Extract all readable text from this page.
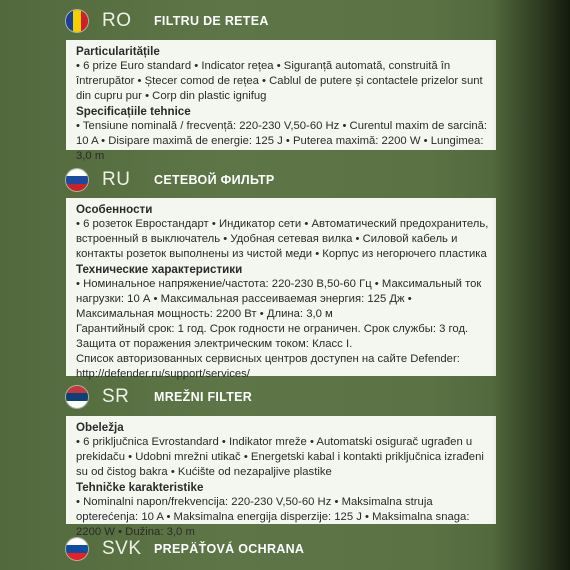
RO	FILTRU DE RETEA

Particularitățile

• 6 prize Euro standard • Indicator rețea • Siguranță automată, construită în întrerupător • Ștecer comod de rețea • Cablul de putere și contactele prizelor sunt din cupru pur • Corp din plastic ignifug

Specificațiile tehnice

• Tensiune nominală / frecvență: 220-230 V,50-60 Hz • Curentul maxim de sarcină: 10 A • Disipare maximă de energie: 125 J • Puterea maximă: 2200 W • Lungimea: 3,0 m

RU	СЕТЕВОЙ ФИЛЬТР

Особенности

• 6 розеток Евростандарт • Индикатор сети • Автоматический предохранитель, встроенный в выключатель • Удобная сетевая вилка • Силовой кабель и контакты розеток выполнены из чистой меди • Корпус из негорючего пластика

Технические характеристики

• Номинальное напряжение/частота: 220-230 В,50-60 Гц • Максимальный ток нагрузки: 10 А • Максимальная рассеиваемая энергия: 125 Дж • Максимальная мощность: 2200 Вт • Длина: 3,0 м

Гарантийный срок: 1 год. Срок годности не ограничен. Срок службы: 3 год. Защита от поражения электрическим током: Класс I.

Список авторизованных сервисных центров доступен на сайте Defender: http://defender.ru/support/services/

SR	MREŽNI FILTER

Obeležja

• 6 priključnica Evrostandard • Indikator mreže • Automatski osigurač ugrađen u prekidaču • Udobni mrežni utikač • Energetski kabal i kontakti priključnica izrađeni su od čistog bakra • Kućište od nezapaljive plastike

Tehničke karakteristike

• Nominalni napon/frekvencija: 220-230 V,50-60 Hz • Maksimalna struja opterećenja: 10 A • Maksimalna energija disperzije: 125 J • Maksimalna snaga: 2200 W • Dužina: 3,0 m

SVK PREPÄŤOVÁ OCHRANA
